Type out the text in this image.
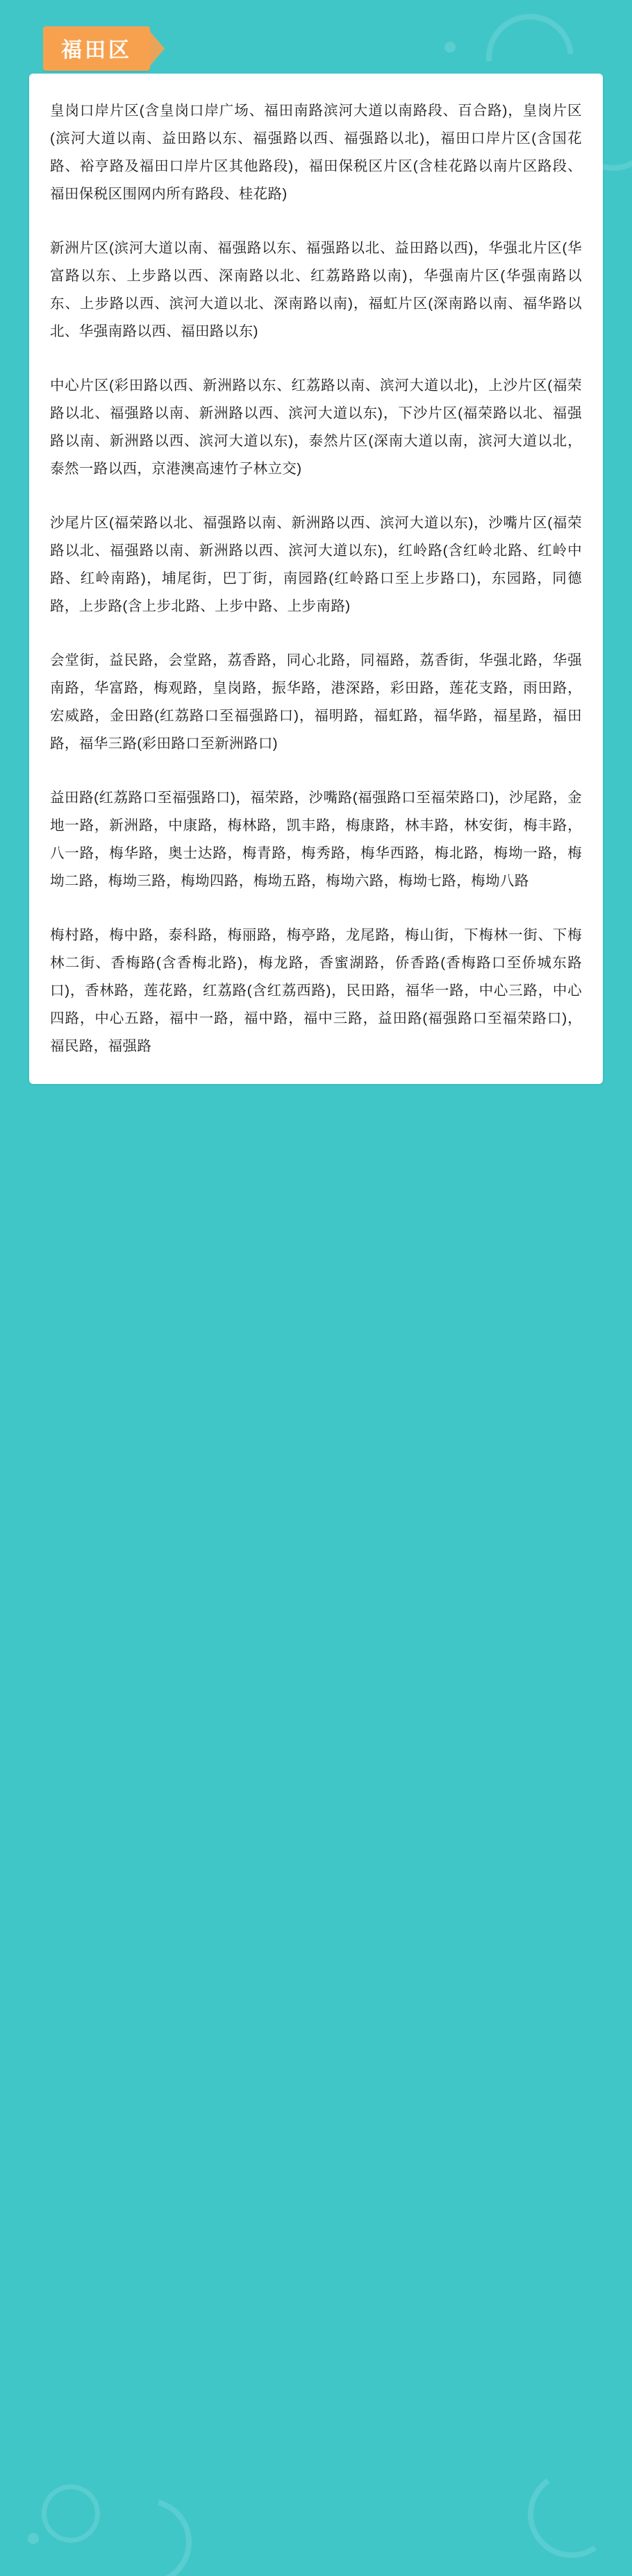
福田区

皇岗口岸片区(含皇岗口岸广场、福田南路滨河大道以南路段、百合路)，皇岗片区(滨河大道以南、益田路以东、福强路以西、福强路以北)，福田口岸片区(含国花路、裕亨路及福田口岸片区其他路段)，福田保税区片区(含桂花路以南片区路段、福田保税区围网内所有路段、桂花路)

新洲片区(滨河大道以南、福强路以东、福强路以北、益田路以西)，华强北片区(华富路以东、上步路以西、深南路以北、红荔路路以南)，华强南片区(华强南路以东、上步路以西、滨河大道以北、深南路以南)，福虹片区(深南路以南、福华路以北、华强南路以西、福田路以东)

中心片区(彩田路以西、新洲路以东、红荔路以南、滨河大道以北)，上沙片区(福荣路以北、福强路以南、新洲路以西、滨河大道以东)，下沙片区(福荣路以北、福强路以南、新洲路以西、滨河大道以东)，泰然片区(深南大道以南，滨河大道以北，泰然一路以西，京港澳高速竹子林立交)

沙尾片区(福荣路以北、福强路以南、新洲路以西、滨河大道以东)，沙嘴片区(福荣路以北、福强路以南、新洲路以西、滨河大道以东)，红岭路(含红岭北路、红岭中路、红岭南路)，埔尾街，巴丁街，南园路(红岭路口至上步路口)，东园路，同德路，上步路(含上步北路、上步中路、上步南路)

会堂街，益民路，会堂路，荔香路，同心北路，同福路，荔香街，华强北路，华强南路，华富路，梅观路，皇岗路，振华路，港深路，彩田路，莲花支路，雨田路，宏威路，金田路(红荔路口至福强路口)，福明路，福虹路，福华路，福星路，福田路，福华三路(彩田路口至新洲路口)

益田路(红荔路口至福强路口)，福荣路，沙嘴路(福强路口至福荣路口)，沙尾路，金地一路，新洲路，中康路，梅林路，凯丰路，梅康路，林丰路，林安街，梅丰路，八一路，梅华路，奥士达路，梅青路，梅秀路，梅华西路，梅北路，梅坳一路，梅坳二路，梅坳三路，梅坳四路，梅坳五路，梅坳六路，梅坳七路，梅坳八路

梅村路，梅中路，泰科路，梅丽路，梅亭路，龙尾路，梅山街，下梅林一街、下梅林二街、香梅路(含香梅北路)，梅龙路，香蜜湖路，侨香路(香梅路口至侨城东路口)，香林路，莲花路，红荔路(含红荔西路)，民田路，福华一路，中心三路，中心四路，中心五路，福中一路，福中路，福中三路，益田路(福强路口至福荣路口)，福民路，福强路
